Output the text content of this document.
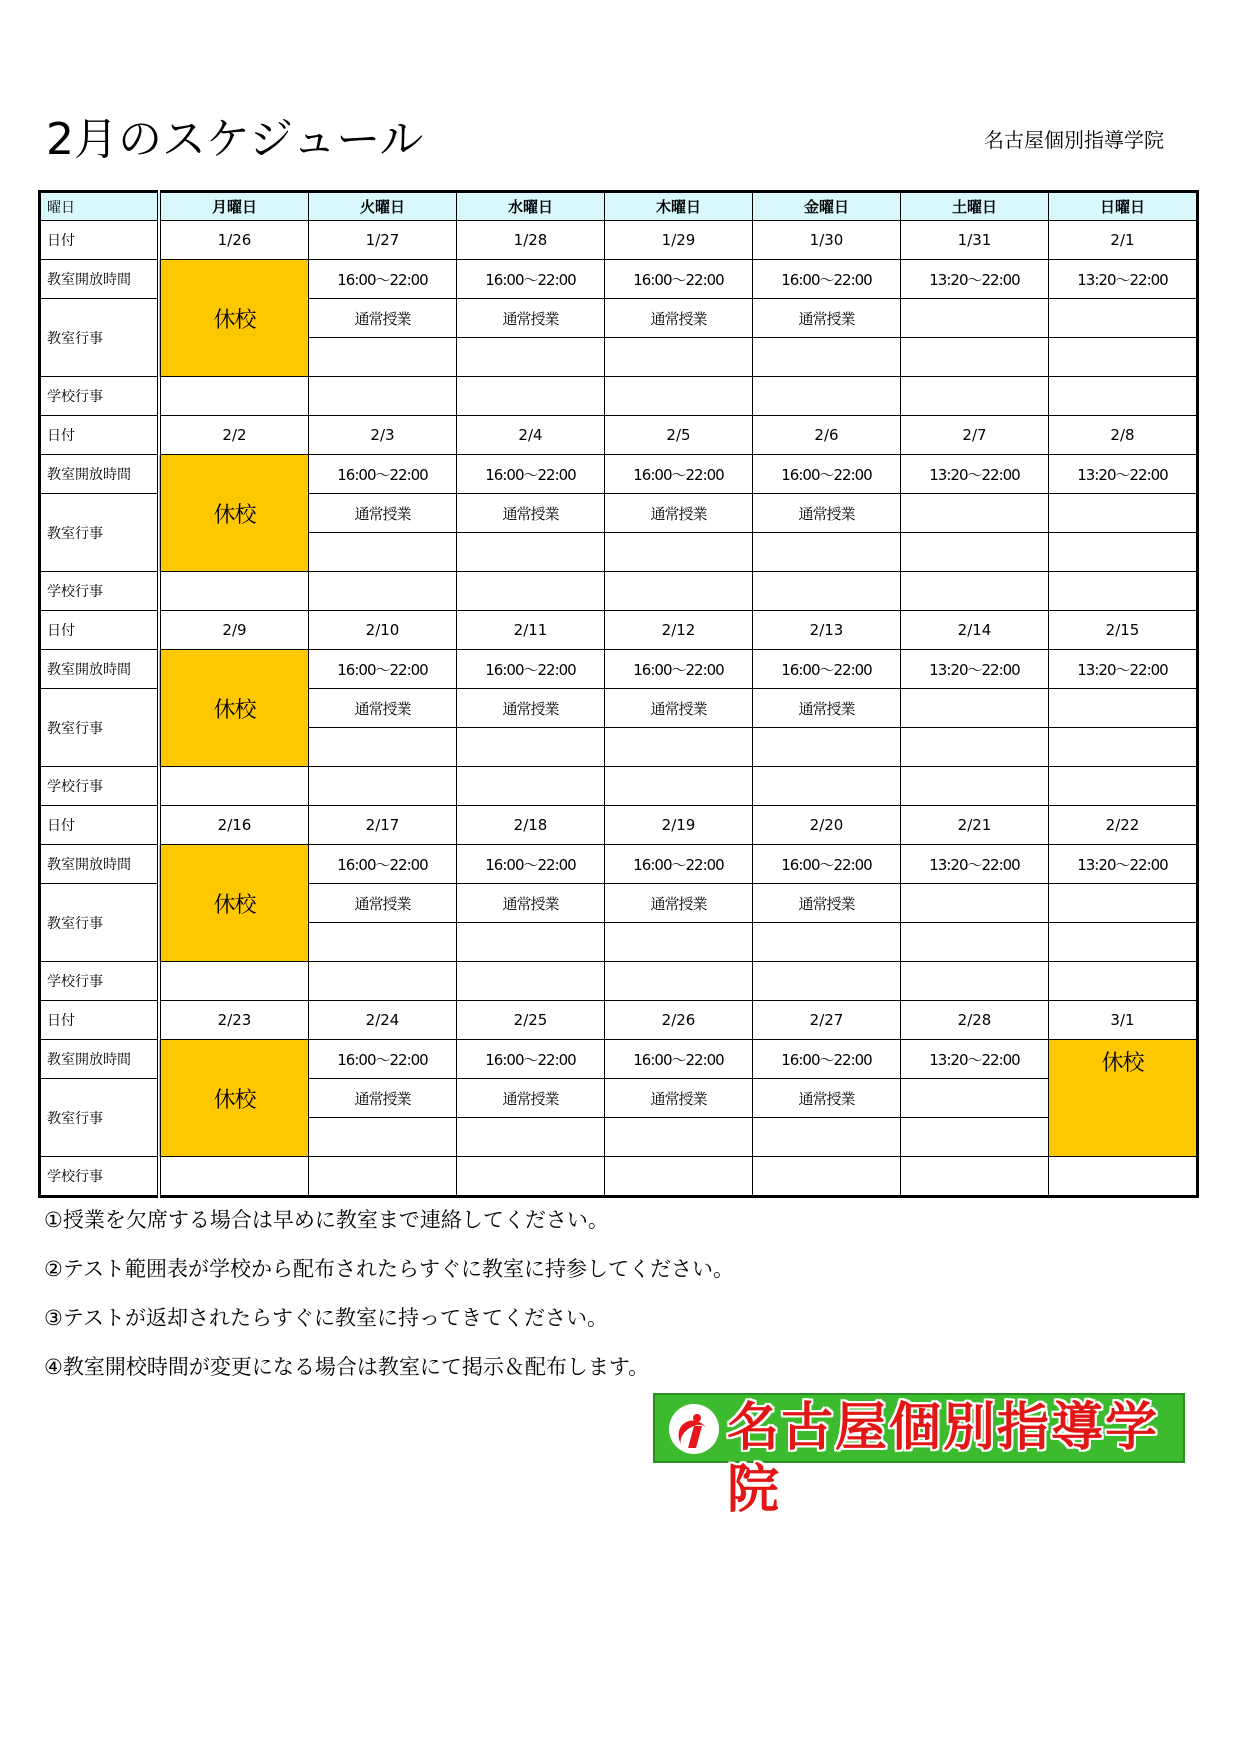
2月のスケジュール	名古屋個別指導学院
曜日	月曜日	火曜日	水曜日	木曜日	金曜日	土曜日	日曜日
日付	1/26	1/27	1/28	1/29	1/30	1/31	2/1
教室開放時間	休校	16:00～22:00	16:00～22:00	16:00～22:00	16:00～22:00	13:20～22:00	13:20～22:00
教室行事		通常授業	通常授業	通常授業	通常授業		

学校行事							
日付	2/2	2/3	2/4	2/5	2/6	2/7	2/8
教室開放時間	休校	16:00～22:00	16:00～22:00	16:00～22:00	16:00～22:00	13:20～22:00	13:20～22:00
教室行事		通常授業	通常授業	通常授業	通常授業		

学校行事							
日付	2/9	2/10	2/11	2/12	2/13	2/14	2/15
教室開放時間	休校	16:00～22:00	16:00～22:00	16:00～22:00	16:00～22:00	13:20～22:00	13:20～22:00
教室行事		通常授業	通常授業	通常授業	通常授業		

学校行事							
日付	2/16	2/17	2/18	2/19	2/20	2/21	2/22
教室開放時間	休校	16:00～22:00	16:00～22:00	16:00～22:00	16:00～22:00	13:20～22:00	13:20～22:00
教室行事		通常授業	通常授業	通常授業	通常授業		

学校行事							
日付	2/23	2/24	2/25	2/26	2/27	2/28	3/1
教室開放時間	休校	16:00～22:00	16:00～22:00	16:00～22:00	16:00～22:00	13:20～22:00	休校
教室行事		通常授業	通常授業	通常授業	通常授業		

学校行事							
①授業を欠席する場合は早めに教室まで連絡してください。
②テスト範囲表が学校から配布されたらすぐに教室に持参してください。
③テストが返却されたらすぐに教室に持ってきてください。
④教室開校時間が変更になる場合は教室にて掲示＆配布します。
名古屋個別指導学院
